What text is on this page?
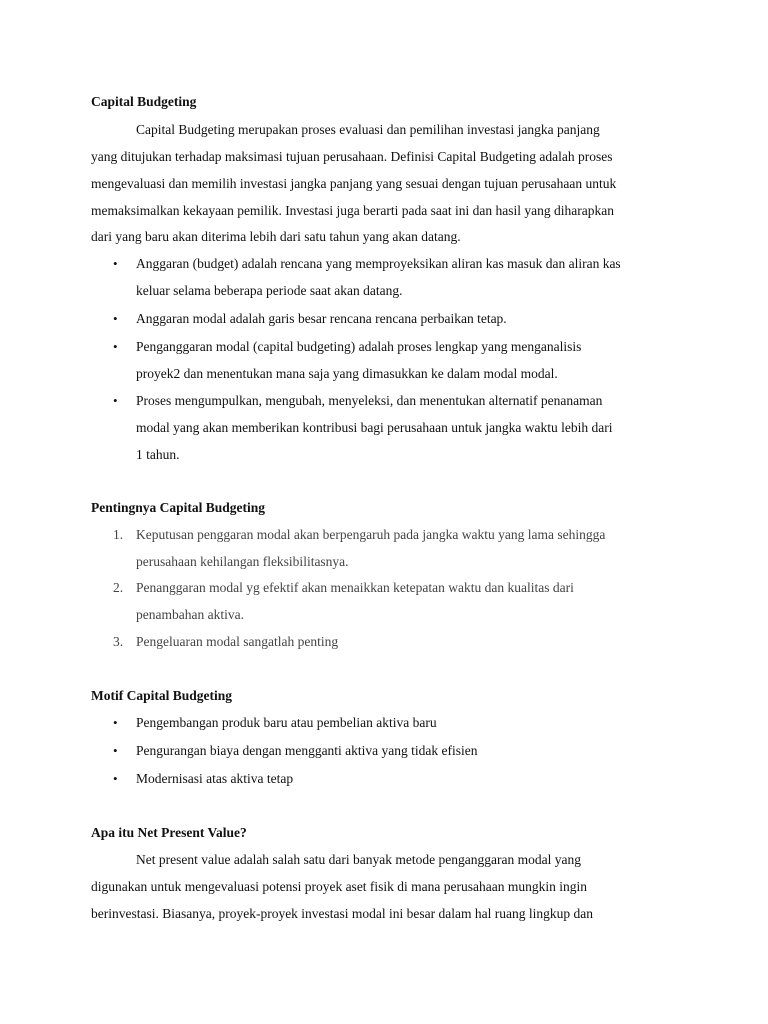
Capital Budgeting
Capital Budgeting merupakan proses evaluasi dan pemilihan investasi jangka panjang
yang ditujukan terhadap maksimasi tujuan perusahaan. Definisi Capital Budgeting adalah proses
mengevaluasi dan memilih investasi jangka panjang yang sesuai dengan tujuan perusahaan untuk
memaksimalkan kekayaan pemilik. Investasi juga berarti pada saat ini dan hasil yang diharapkan
dari yang baru akan diterima lebih dari satu tahun yang akan datang.
• Anggaran (budget) adalah rencana yang memproyeksikan aliran kas masuk dan aliran kas
keluar selama beberapa periode saat akan datang.
• Anggaran modal adalah garis besar rencana rencana perbaikan tetap.
• Penganggaran modal (capital budgeting) adalah proses lengkap yang menganalisis
proyek2 dan menentukan mana saja yang dimasukkan ke dalam modal modal.
• Proses mengumpulkan, mengubah, menyeleksi, dan menentukan alternatif penanaman
modal yang akan memberikan kontribusi bagi perusahaan untuk jangka waktu lebih dari
1 tahun.
Pentingnya Capital Budgeting
1. Keputusan penggaran modal akan berpengaruh pada jangka waktu yang lama sehingga
perusahaan kehilangan fleksibilitasnya.
2. Penanggaran modal yg efektif akan menaikkan ketepatan waktu dan kualitas dari
penambahan aktiva.
3. Pengeluaran modal sangatlah penting
Motif Capital Budgeting
• Pengembangan produk baru atau pembelian aktiva baru
• Pengurangan biaya dengan mengganti aktiva yang tidak efisien
• Modernisasi atas aktiva tetap
Apa itu Net Present Value?
Net present value adalah salah satu dari banyak metode penganggaran modal yang
digunakan untuk mengevaluasi potensi proyek aset fisik di mana perusahaan mungkin ingin
berinvestasi. Biasanya, proyek-proyek investasi modal ini besar dalam hal ruang lingkup dan
